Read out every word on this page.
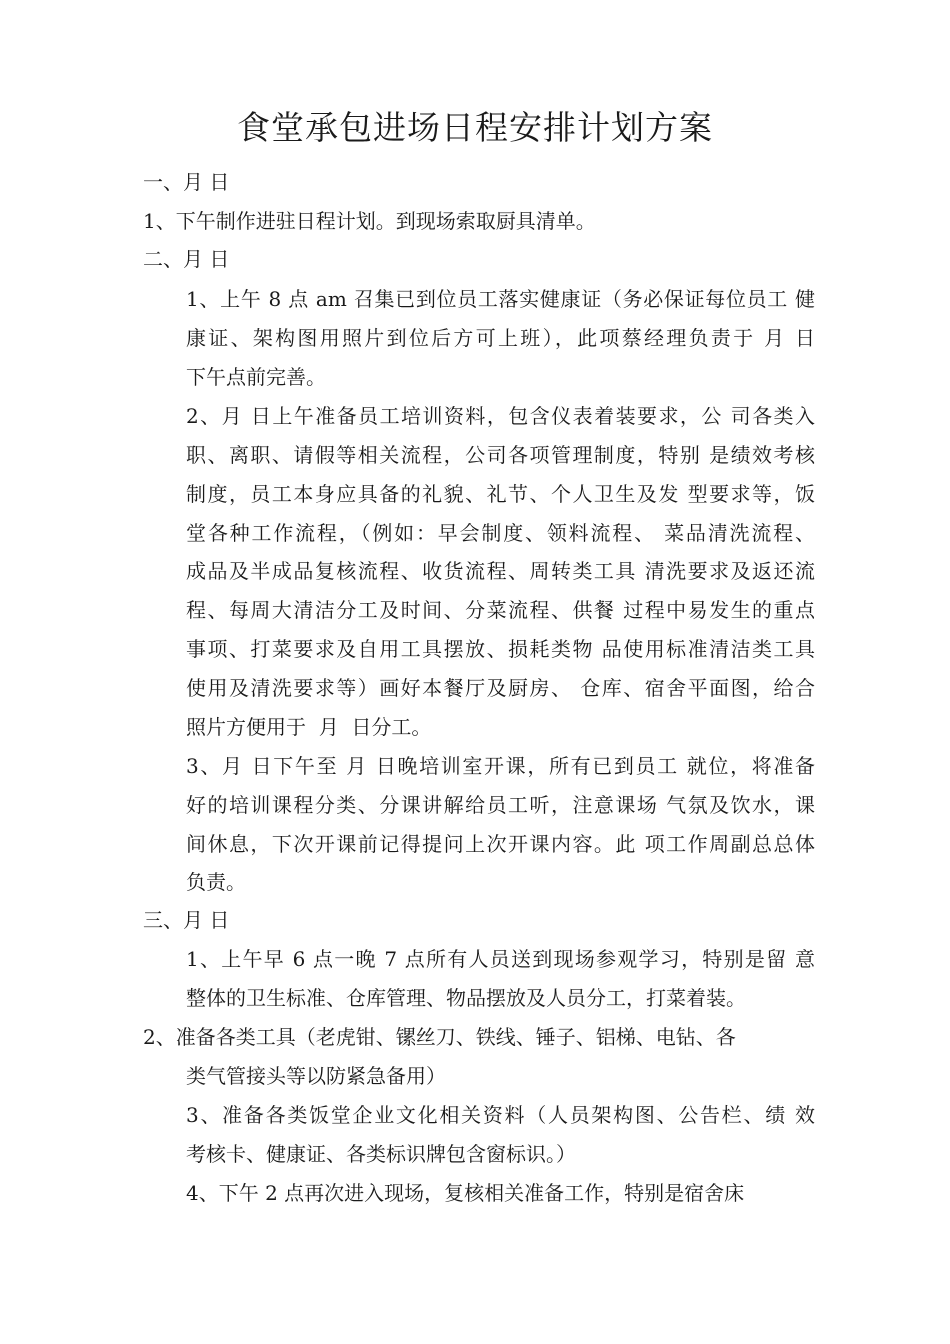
食堂承包进场日程安排计划方案
一、月 日
1、下午制作进驻日程计划。到现场索取厨具清单。
二、月 日
1、上午 8 点 am 召集已到位员工落实健康证（务必保证每位员工 健
康证、架构图用照片到位后方可上班），此项蔡经理负责于 月 日
下午点前完善。
2、月 日上午准备员工培训资料，包含仪表着装要求，公 司各类入
职、离职、请假等相关流程，公司各项管理制度，特别 是绩效考核
制度，员工本身应具备的礼貌、礼节、个人卫生及发 型要求等，饭
堂各种工作流程，（例如：早会制度、领料流程、 菜品清洗流程、
成品及半成品复核流程、收货流程、周转类工具 清洗要求及返还流
程、每周大清洁分工及时间、分菜流程、供餐 过程中易发生的重点
事项、打菜要求及自用工具摆放、损耗类物 品使用标准清洁类工具
使用及清洗要求等）画好本餐厅及厨房、 仓库、宿舍平面图，给合
照片方便用于  月  日分工。
3、月 日下午至 月 日晚培训室开课，所有已到员工 就位，将准备
好的培训课程分类、分课讲解给员工听，注意课场 气氛及饮水，课
间休息，下次开课前记得提问上次开课内容。此 项工作周副总总体
负责。
三、月 日
1、上午早 6 点一晚 7 点所有人员送到现场参观学习，特别是留 意
整体的卫生标准、仓库管理、物品摆放及人员分工，打菜着装。
2、准备各类工具（老虎钳、镙丝刀、铁线、锤子、铝梯、电钻、各
类气管接头等以防紧急备用）
3、准备各类饭堂企业文化相关资料（人员架构图、公告栏、绩 效
考核卡、健康证、各类标识牌包含窗标识。）
4、下午 2 点再次进入现场，复核相关准备工作，特别是宿舍床
